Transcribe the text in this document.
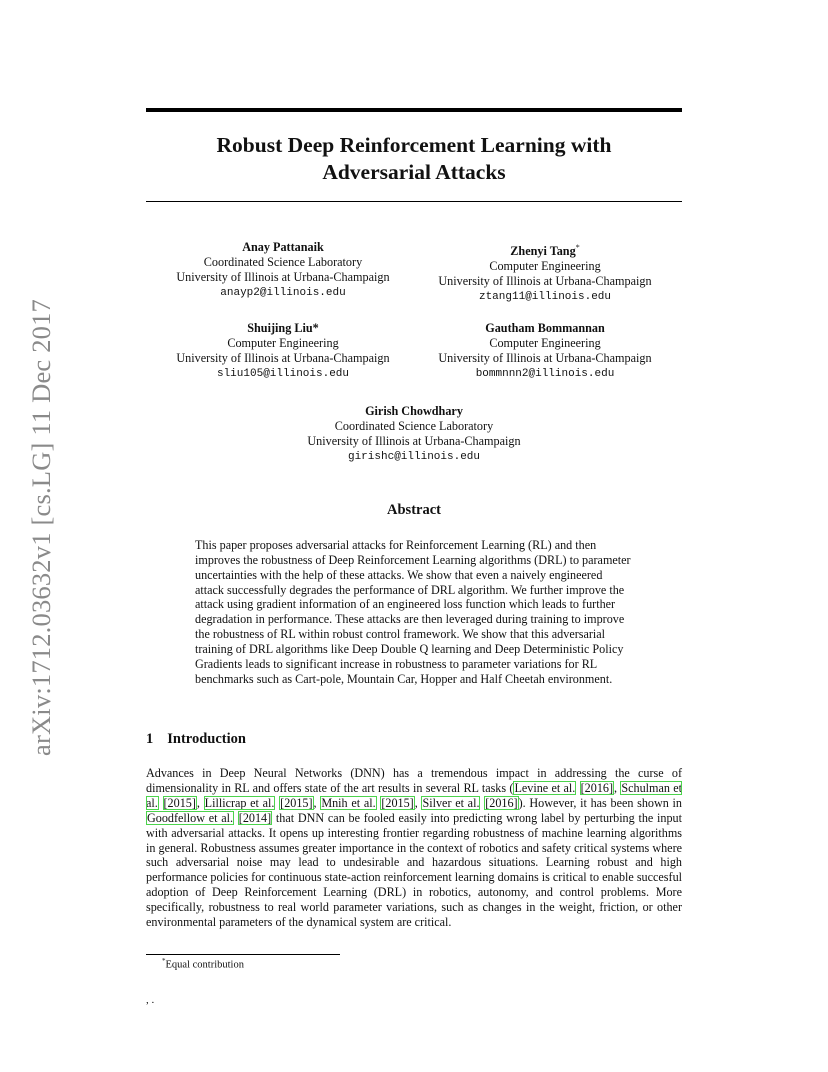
arXiv:1712.03632v1 [cs.LG] 11 Dec 2017
Robust Deep Reinforcement Learning with
Adversarial Attacks
Anay Pattanaik
Coordinated Science Laboratory
University of Illinois at Urbana-Champaign
anayp2@illinois.edu
Zhenyi Tang*
Computer Engineering
University of Illinois at Urbana-Champaign
ztang11@illinois.edu
Shuijing Liu*
Computer Engineering
University of Illinois at Urbana-Champaign
sliu105@illinois.edu
Gautham Bommannan
Computer Engineering
University of Illinois at Urbana-Champaign
bommnnn2@illinois.edu
Girish Chowdhary
Coordinated Science Laboratory
University of Illinois at Urbana-Champaign
girishc@illinois.edu
Abstract

This paper proposes adversarial attacks for Reinforcement Learning (RL) and then improves the robustness of Deep Reinforcement Learning algorithms (DRL) to parameter uncertainties with the help of these attacks. We show that even a naively engineered attack successfully degrades the performance of DRL algorithm. We further improve the attack using gradient information of an engineered loss function which leads to further degradation in performance. These attacks are then leveraged during training to improve the robustness of RL within robust control framework. We show that this adversarial training of DRL algorithms like Deep Double Q learning and Deep Deterministic Policy Gradients leads to significant increase in robustness to parameter variations for RL benchmarks such as Cart-pole, Mountain Car, Hopper and Half Cheetah environment.

1 Introduction

Advances in Deep Neural Networks (DNN) has a tremendous impact in addressing the curse of dimensionality in RL and offers state of the art results in several RL tasks (Levine et al. [2016], Schulman et al. [2015], Lillicrap et al. [2015], Mnih et al. [2015], Silver et al. [2016]). However, it has been shown in Goodfellow et al. [2014] that DNN can be fooled easily into predicting wrong label by perturbing the input with adversarial attacks. It opens up interesting frontier regarding robustness of machine learning algorithms in general. Robustness assumes greater importance in the context of robotics and safety critical systems where such adversarial noise may lead to undesirable and hazardous situations. Learning robust and high performance policies for continuous state-action reinforcement learning domains is critical to enable succesful adoption of Deep Reinforcement Learning (DRL) in robotics, autonomy, and control problems. More specifically, robustness to real world parameter variations, such as changes in the weight, friction, or other environmental parameters of the dynamical system are critical.

*Equal contribution

, .
